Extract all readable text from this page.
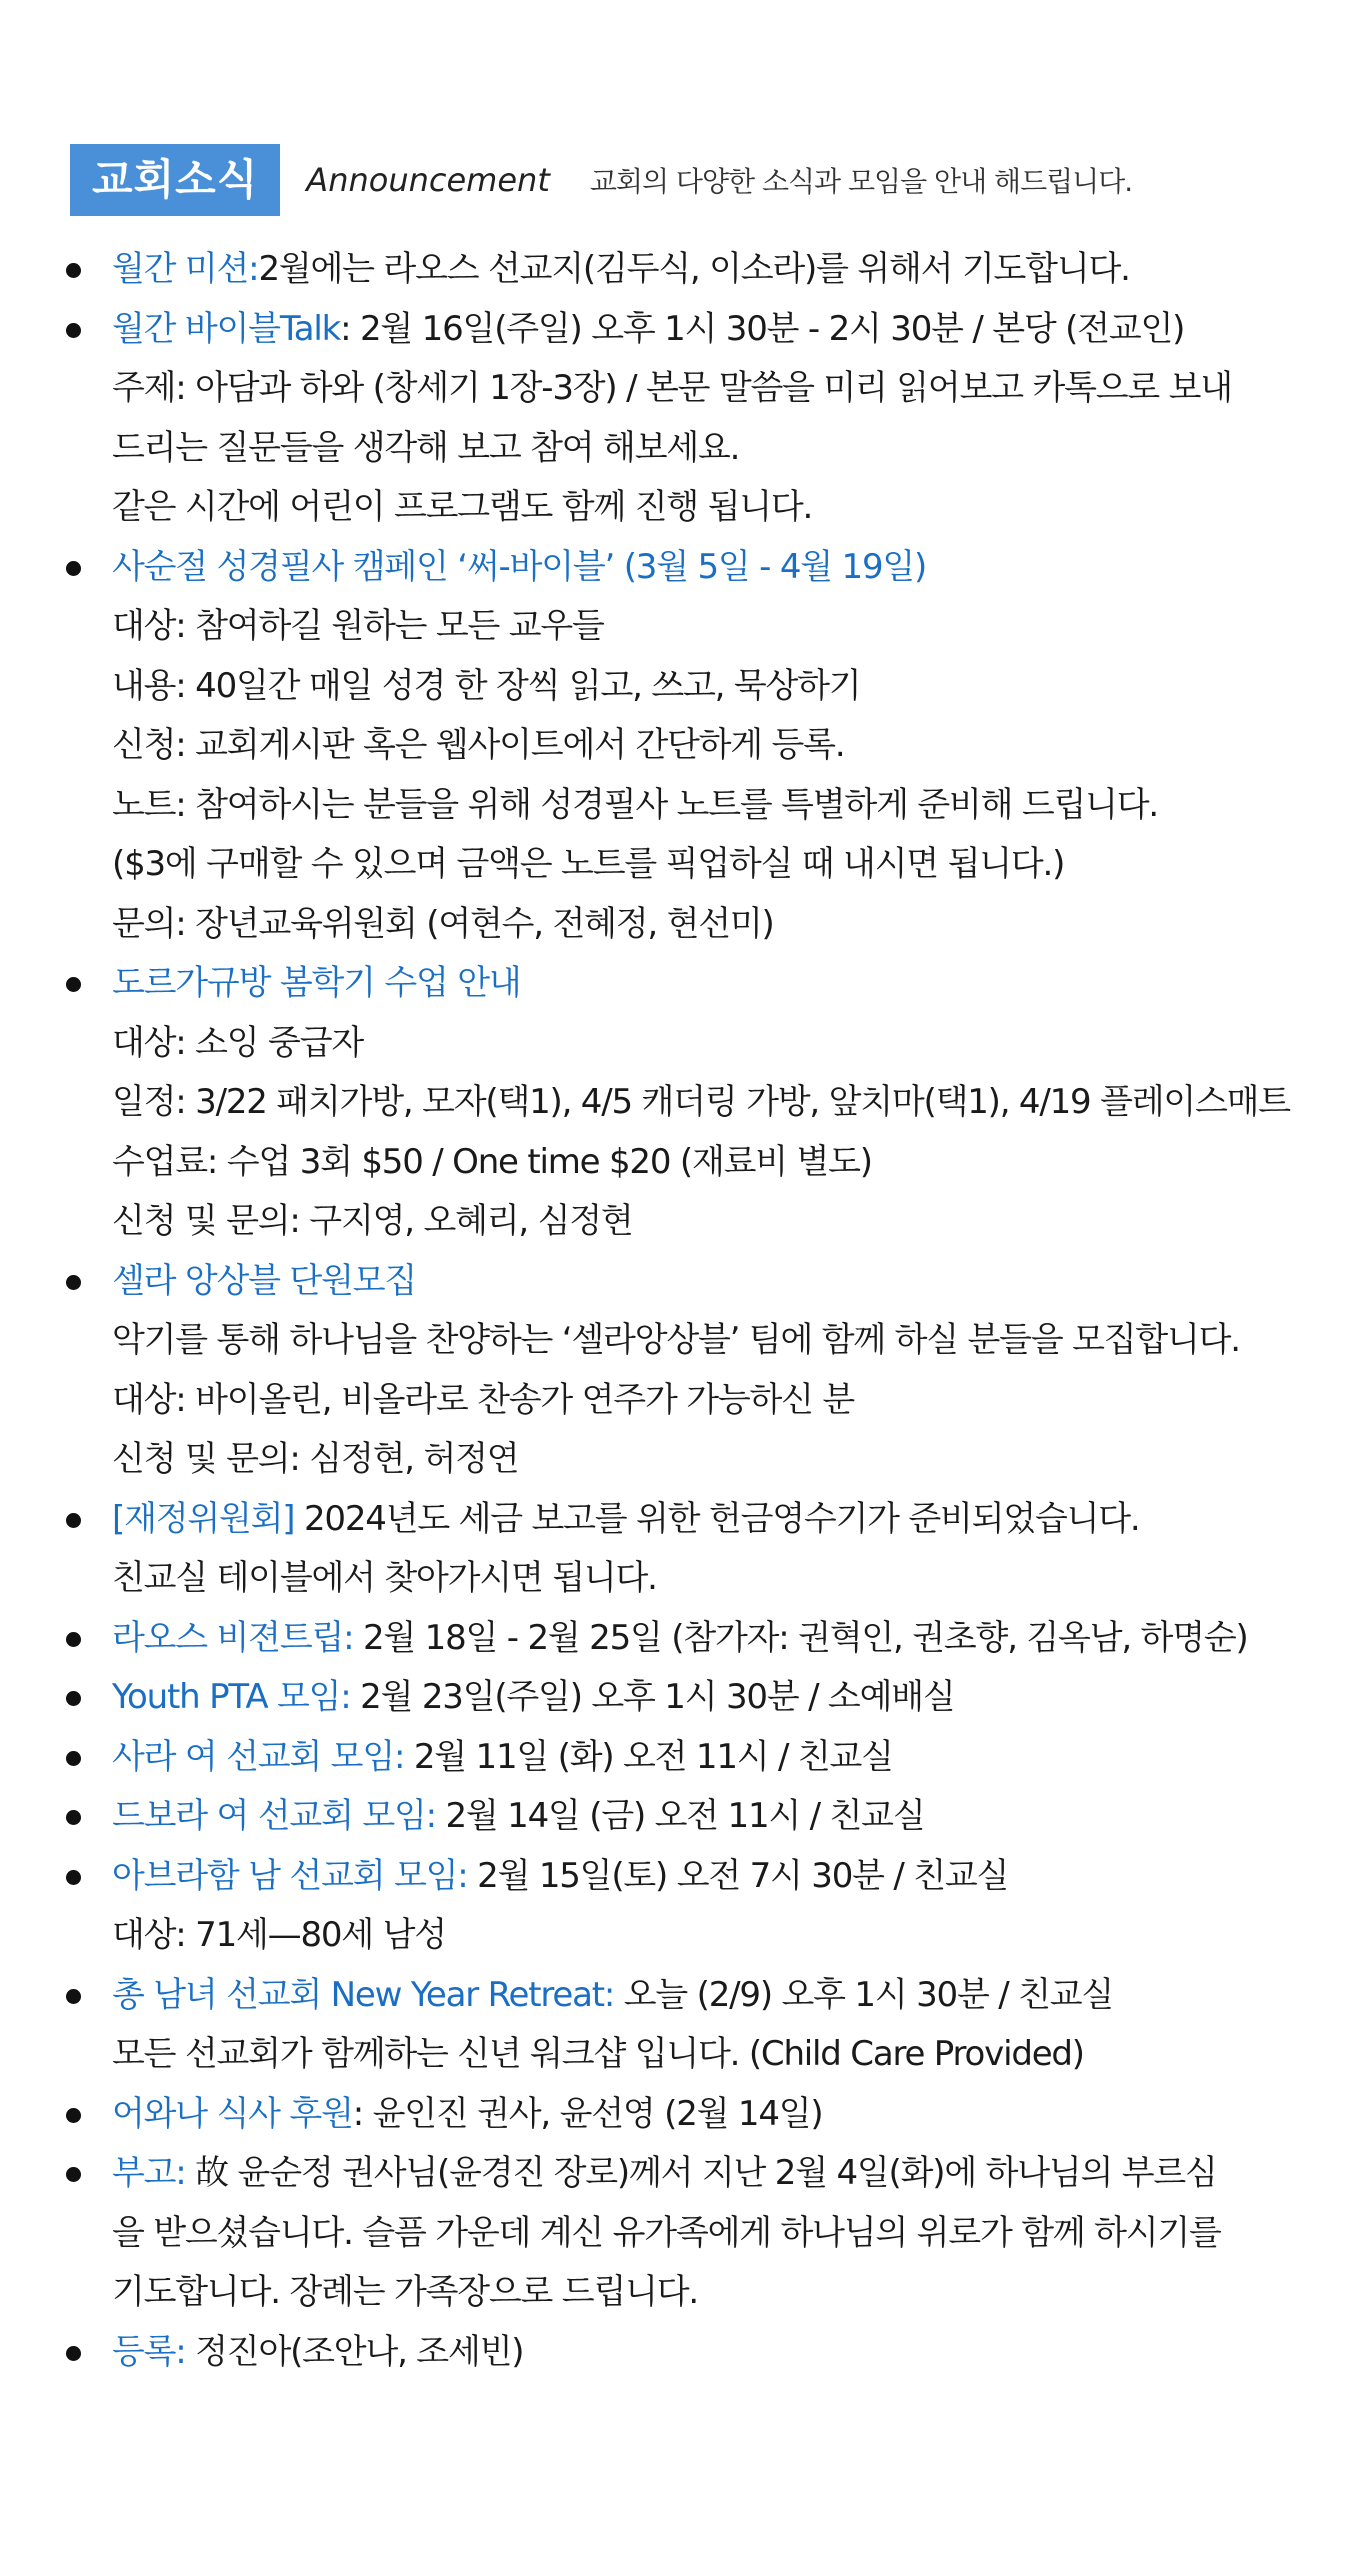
교회소식	Announcement 교회의 다양한 소식과 모임을 안내 해드립니다.
월간 미션:2월에는 라오스 선교지(김두식, 이소라)를 위해서 기도합니다.
월간 바이블Talk: 2월 16일(주일) 오후 1시 30분 - 2시 30분 / 본당 (전교인)
주제: 아담과 하와 (창세기 1장-3장) / 본문 말씀을 미리 읽어보고 카톡으로 보내
드리는 질문들을 생각해 보고 참여 해보세요.
같은 시간에 어린이 프로그램도 함께 진행 됩니다.
사순절 성경필사 캠페인 ‘써-바이블’ (3월 5일 - 4월 19일)
대상: 참여하길 원하는 모든 교우들
내용: 40일간 매일 성경 한 장씩 읽고, 쓰고, 묵상하기
신청: 교회게시판 혹은 웹사이트에서 간단하게 등록.
노트: 참여하시는 분들을 위해 성경필사 노트를 특별하게 준비해 드립니다.
($3에 구매할 수 있으며 금액은 노트를 픽업하실 때 내시면 됩니다.)
문의: 장년교육위원회 (여현수, 전혜정, 현선미)
도르가규방 봄학기 수업 안내
대상: 소잉 중급자
일정: 3/22 패치가방, 모자(택1), 4/5 캐더링 가방, 앞치마(택1), 4/19 플레이스매트
수업료: 수업 3회 $50 / One time $20 (재료비 별도)
신청 및 문의: 구지영, 오혜리, 심정현
셀라 앙상블 단원모집
악기를 통해 하나님을 찬양하는 ‘셀라앙상블’ 팀에 함께 하실 분들을 모집합니다.
대상: 바이올린, 비올라로 찬송가 연주가 가능하신 분
신청 및 문의: 심정현, 허정연
[재정위원회] 2024년도 세금 보고를 위한 헌금영수기가 준비되었습니다.
친교실 테이블에서 찾아가시면 됩니다.
라오스 비젼트립: 2월 18일 - 2월 25일 (참가자: 권혁인, 권초향, 김옥남, 하명순)
Youth PTA 모임: 2월 23일(주일) 오후 1시 30분 / 소예배실
사라 여 선교회 모임: 2월 11일 (화) 오전 11시 / 친교실
드보라 여 선교회 모임: 2월 14일 (금) 오전 11시 / 친교실
아브라함 남 선교회 모임: 2월 15일(토) 오전 7시 30분 / 친교실
대상: 71세—80세 남성
총 남녀 선교회 New Year Retreat: 오늘 (2/9) 오후 1시 30분 / 친교실
모든 선교회가 함께하는 신년 워크샵 입니다. (Child Care Provided)
어와나 식사 후원: 윤인진 권사, 윤선영 (2월 14일)
부고: 故 윤순정 권사님(윤경진 장로)께서 지난 2월 4일(화)에 하나님의 부르심
을 받으셨습니다. 슬픔 가운데 계신 유가족에게 하나님의 위로가 함께 하시기를
기도합니다. 장례는 가족장으로 드립니다.
등록: 정진아(조안나, 조세빈)
